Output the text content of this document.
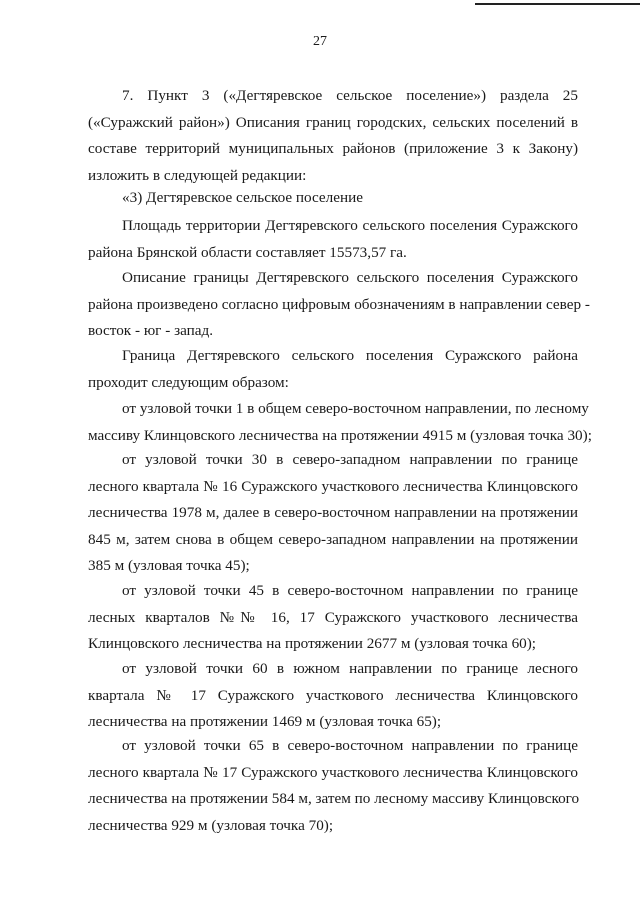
27
7. Пункт 3 («Дегтяревское сельское поселение») раздела 25
(«Суражский район») Описания границ городских, сельских поселений в
составе территорий муниципальных районов (приложение 3 к Закону)
изложить в следующей редакции:
«3) Дегтяревское сельское поселение
Площадь территории Дегтяревского сельского поселения Суражского
района Брянской области составляет 15573,57 га.
Описание границы Дегтяревского сельского поселения Суражского
района произведено согласно цифровым обозначениям в направлении север -
восток - юг - запад.
Граница Дегтяревского сельского поселения Суражского района
проходит следующим образом:
от узловой точки 1 в общем северо-восточном направлении, по лесному
массиву Клинцовского лесничества на протяжении 4915 м (узловая точка 30);
от узловой точки 30 в северо-западном направлении по границе
лесного квартала № 16 Суражского участкового лесничества Клинцовского
лесничества 1978 м, далее в северо-восточном направлении на протяжении
845 м, затем снова в общем северо-западном направлении на протяжении
385 м (узловая точка 45);
от узловой точки 45 в северо-восточном направлении по границе
лесных кварталов №№ 16, 17 Суражского участкового лесничества
Клинцовского лесничества на протяжении 2677 м (узловая точка 60);
от узловой точки 60 в южном направлении по границе лесного
квартала № 17 Суражского участкового лесничества Клинцовского
лесничества на протяжении 1469 м (узловая точка 65);
от узловой точки 65 в северо-восточном направлении по границе
лесного квартала № 17 Суражского участкового лесничества Клинцовского
лесничества на протяжении 584 м, затем по лесному массиву Клинцовского
лесничества 929 м (узловая точка 70);
